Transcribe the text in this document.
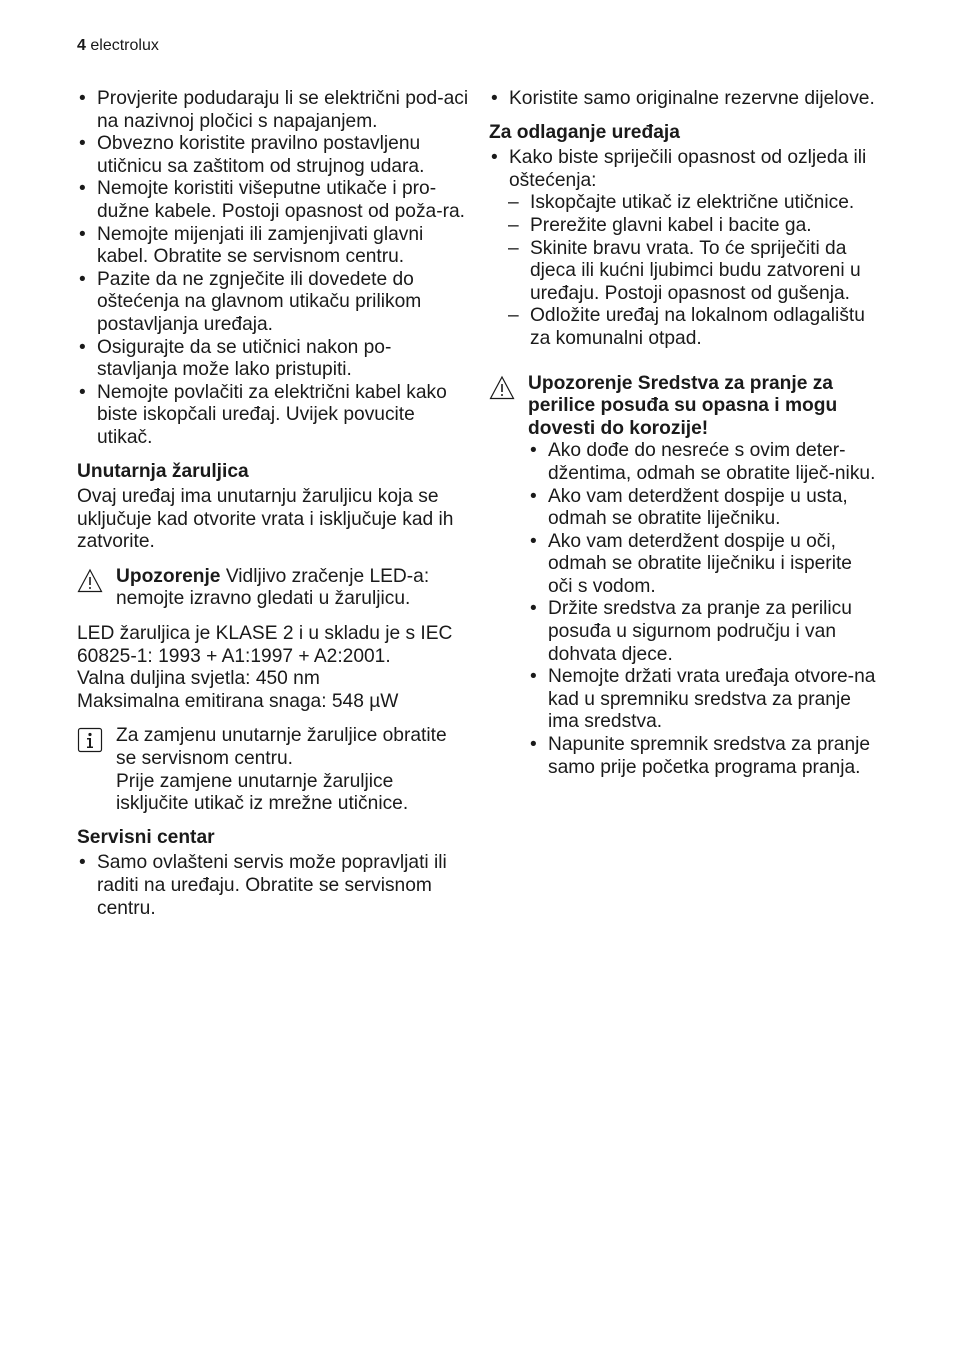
4 electrolux
• Provjerite podudaraju li se električni pod-aci na nazivnoj pločici s napajanjem.
• Obvezno koristite pravilno postavljenu utičnicu sa zaštitom od strujnog udara.
• Nemojte koristiti višeputne utikače i pro-dužne kabele. Postoji opasnost od poža-ra.
• Nemojte mijenjati ili zamjenjivati glavni kabel. Obratite se servisnom centru.
• Pazite da ne zgnječite ili dovedete do oštećenja na glavnom utikaču prilikom postavljanja uređaja.
• Osigurajte da se utičnici nakon po-stavljanja može lako pristupiti.
• Nemojte povlačiti za električni kabel kako biste iskopčali uređaj. Uvijek povucite utikač.
Unutarnja žaruljica

Ovaj uređaj ima unutarnju žaruljicu koja se uključuje kad otvorite vrata i isključuje kad ih zatvorite.

Upozorenje Vidljivo zračenje LED-a: nemojte izravno gledati u žaruljicu.

LED žaruljica je KLASE 2 i u skladu je s IEC 60825-1: 1993 + A1:1997 + A2:2001.

Valna duljina svjetla: 450 nm

Maksimalna emitirana snaga: 548 µW

Za zamjenu unutarnje žaruljice obratite se servisnom centru.

Prije zamjene unutarnje žaruljice isključite utikač iz mrežne utičnice.

Servisni centar
• Samo ovlašteni servis može popravljati ili raditi na uređaju. Obratite se servisnom centru.
• Koristite samo originalne rezervne dijelove.
Za odlaganje uređaja
• Kako biste spriječili opasnost od ozljeda ili oštećenja:
– Iskopčajte utikač iz električne utičnice.
– Prerežite glavni kabel i bacite ga.
– Skinite bravu vrata. To će spriječiti da djeca ili kućni ljubimci budu zatvoreni u uređaju. Postoji opasnost od gušenja.
– Odložite uređaj na lokalnom odlagalištu za komunalni otpad.

Upozorenje Sredstva za pranje za perilice posuđa su opasna i mogu dovesti do korozije!

• Ako dođe do nesreće s ovim deter-džentima, odmah se obratite liječ-niku.
• Ako vam deterdžent dospije u usta, odmah se obratite liječniku.
• Ako vam deterdžent dospije u oči, odmah se obratite liječniku i isperite oči s vodom.
• Držite sredstva za pranje za perilicu posuđa u sigurnom području i van dohvata djece.
• Nemojte držati vrata uređaja otvore-na kad u spremniku sredstva za pranje ima sredstva.
• Napunite spremnik sredstva za pranje samo prije početka programa pranja.
